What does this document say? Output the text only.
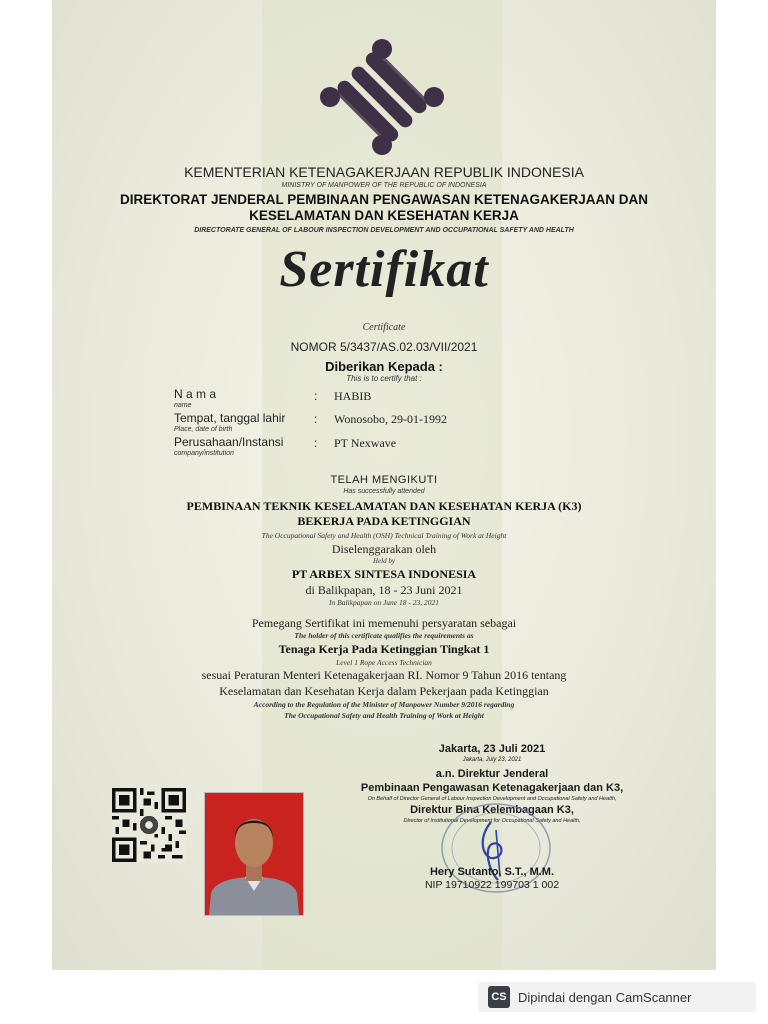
KEMENTERIAN KETENAGAKERJAAN REPUBLIK INDONESIA
MINISTRY OF MANPOWER OF THE REPUBLIC OF INDONESIA
DIREKTORAT JENDERAL PEMBINAAN PENGAWASAN KETENAGAKERJAAN DAN
KESELAMATAN DAN KESEHATAN KERJA
DIRECTORATE GENERAL OF LABOUR INSPECTION DEVELOPMENT AND OCCUPATIONAL SAFETY AND HEALTH
Sertifikat
Certificate
NOMOR 5/3437/AS.02.03/VII/2021
Diberikan Kepada :
This is to certify that :
N a m a
name
: HABIB
Tempat, tanggal lahir
Place, date of birth
: Wonosobo, 29-01-1992
Perusahaan/Instansi
company/institution
: PT Nexwave
TELAH MENGIKUTI
Has successfully attended
PEMBINAAN TEKNIK KESELAMATAN DAN KESEHATAN KERJA (K3)
BEKERJA PADA KETINGGIAN
The Occupational Safety and Health (OSH) Technical Training of Work at Height
Diselenggarakan oleh
Held by
PT ARBEX SINTESA INDONESIA
di Balikpapan, 18 - 23 Juni 2021
In Balikpapan on June 18 - 23, 2021
Pemegang Sertifikat ini memenuhi persyaratan sebagai
The holder of this certificate qualifies the requirements as
Tenaga Kerja Pada Ketinggian Tingkat 1
Level 1 Rope Access Technician
sesuai Peraturan Menteri Ketenagakerjaan RI. Nomor 9 Tahun 2016 tentang
Keselamatan dan Kesehatan Kerja dalam Pekerjaan pada Ketinggian
According to the Regulation of the Minister of Manpower Number 9/2016 regarding
The Occupational Safety and Health Training of Work at Height
Jakarta, 23 Juli 2021
Jakarta, July 23, 2021
a.n. Direktur Jenderal
Pembinaan Pengawasan Ketenagakerjaan dan K3,
On Behalf of Director General of Labour Inspection Development and Occupational Safety and Health,
Direktur Bina Kelembagaan K3,
Director of Institutional Development for Occupational Safety and Health,
Hery Sutanto, S.T., M.M.
NIP 19710922 199703 1 002
CS Dipindai dengan CamScanner
